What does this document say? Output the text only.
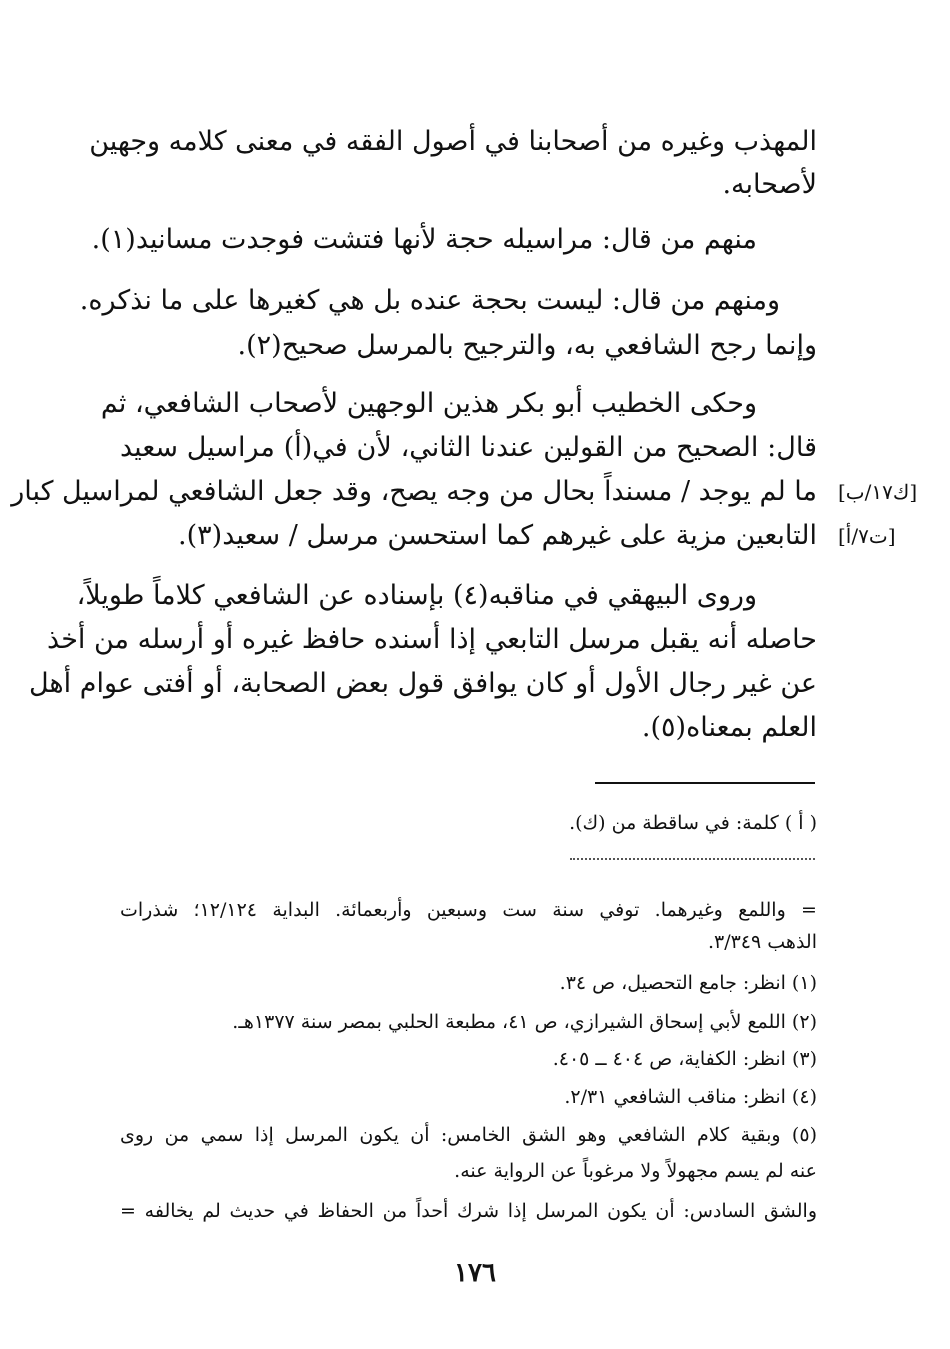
المهذب وغيره من أصحابنا في أصول الفقه في معنى كلامه وجهين

لأصحابه.

منهم من قال: مراسيله حجة لأنها فتشت فوجدت مسانيد(١).

ومنهم من قال: ليست بحجة عنده بل هي كغيرها على ما نذكره.

وإنما رجح الشافعي به، والترجيح بالمرسل صحيح(٢).

وحكى الخطيب أبو بكر هذين الوجهين لأصحاب الشافعي، ثم

قال: الصحيح من القولين عندنا الثاني، لأن في(أ) مراسيل سعيد

ما لم يوجد / مسنداً بحال من وجه يصح، وقد جعل الشافعي لمراسيل كبار

التابعين مزية على غيرهم كما استحسن مرسل / سعيد(٣).

[ك١٧/ب]
[ت٧/أ]

وروى البيهقي في مناقبه(٤) بإسناده عن الشافعي كلاماً طويلاً،

حاصله أنه يقبل مرسل التابعي إذا أسنده حافظ غيره أو أرسله من أخذ

عن غير رجال الأول أو كان يوافق قول بعض الصحابة، أو أفتى عوام أهل

العلم بمعناه(٥).

( أ ) كلمة: في ساقطة من (ك).

= واللمع وغيرهما. توفي سنة ست وسبعين وأربعمائة. البداية ١٢/١٢٤؛ شذرات

الذهب ٣/٣٤٩.

(١) انظر: جامع التحصيل، ص ٣٤.

(٢) اللمع لأبي إسحاق الشيرازي، ص ٤١، مطبعة الحلبي بمصر سنة ١٣٧٧هـ.

(٣) انظر: الكفاية، ص ٤٠٤ ــ ٤٠٥.

(٤) انظر: مناقب الشافعي ٢/٣١.

(٥) وبقية كلام الشافعي وهو الشق الخامس: أن يكون المرسل إذا سمي من روى

عنه لم يسم مجهولاً ولا مرغوباً عن الرواية عنه.

والشق السادس: أن يكون المرسل إذا شرك أحداً من الحفاظ في حديث لم يخالفه =

١٧٦
